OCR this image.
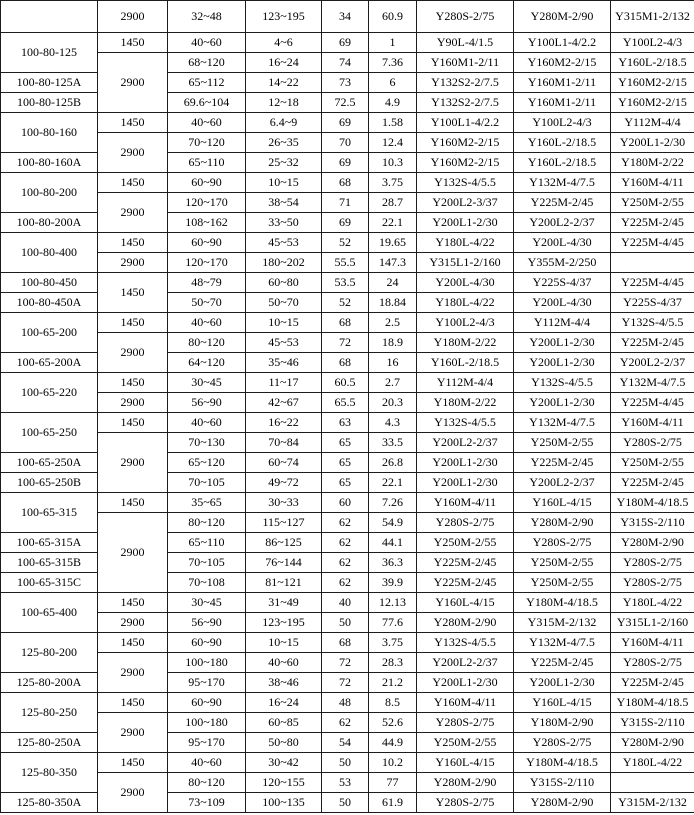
	2900	32~48	123~195	34	60.9	Y280S-2/75	Y280M-2/90	Y315M1-2/132
100-80-125	1450	40~60	4~6	69	1	Y90L-4/1.5	Y100L1-4/2.2	Y100L2-4/3
	2900	68~120	16~24	74	7.36	Y160M1-2/11	Y160M2-2/15	Y160L-2/18.5
100-80-125A		65~112	14~22	73	6	Y132S2-2/7.5	Y160M1-2/11	Y160M2-2/15
100-80-125B		69.6~104	12~18	72.5	4.9	Y132S2-2/7.5	Y160M1-2/11	Y160M2-2/15
100-80-160	1450	40~60	6.4~9	69	1.58	Y100L1-4/2.2	Y100L2-4/3	Y112M-4/4
	2900	70~120	26~35	70	12.4	Y160M2-2/15	Y160L-2/18.5	Y200L1-2/30
100-80-160A		65~110	25~32	69	10.3	Y160M2-2/15	Y160L-2/18.5	Y180M-2/22
100-80-200	1450	60~90	10~15	68	3.75	Y132S-4/5.5	Y132M-4/7.5	Y160M-4/11
	2900	120~170	38~54	71	28.7	Y200L2-3/37	Y225M-2/45	Y250M-2/55
100-80-200A		108~162	33~50	69	22.1	Y200L1-2/30	Y200L2-2/37	Y225M-2/45
100-80-400	1450	60~90	45~53	52	19.65	Y180L-4/22	Y200L-4/30	Y225M-4/45
	2900	120~170	180~202	55.5	147.3	Y315L1-2/160	Y355M-2/250	
100-80-450	1450	48~79	60~80	53.5	24	Y200L-4/30	Y225S-4/37	Y225M-4/45
100-80-450A		50~70	50~70	52	18.84	Y180L-4/22	Y200L-4/30	Y225S-4/37
100-65-200	1450	40~60	10~15	68	2.5	Y100L2-4/3	Y112M-4/4	Y132S-4/5.5
	2900	80~120	45~53	72	18.9	Y180M-2/22	Y200L1-2/30	Y225M-2/45
100-65-200A		64~120	35~46	68	16	Y160L-2/18.5	Y200L1-2/30	Y200L2-2/37
100-65-220	1450	30~45	11~17	60.5	2.7	Y112M-4/4	Y132S-4/5.5	Y132M-4/7.5
	2900	56~90	42~67	65.5	20.3	Y180M-2/22	Y200L1-2/30	Y225M-4/45
100-65-250	1450	40~60	16~22	63	4.3	Y132S-4/5.5	Y132M-4/7.5	Y160M-4/11
	2900	70~130	70~84	65	33.5	Y200L2-2/37	Y250M-2/55	Y280S-2/75
100-65-250A		65~120	60~74	65	26.8	Y200L1-2/30	Y225M-2/45	Y250M-2/55
100-65-250B		70~105	49~72	65	22.1	Y200L1-2/30	Y200L2-2/37	Y225M-2/45
100-65-315	1450	35~65	30~33	60	7.26	Y160M-4/11	Y160L-4/15	Y180M-4/18.5
	2900	80~120	115~127	62	54.9	Y280S-2/75	Y280M-2/90	Y315S-2/110
100-65-315A		65~110	86~125	62	44.1	Y250M-2/55	Y280S-2/75	Y280M-2/90
100-65-315B		70~105	76~144	62	36.3	Y225M-2/45	Y250M-2/55	Y280S-2/75
100-65-315C		70~108	81~121	62	39.9	Y225M-2/45	Y250M-2/55	Y280S-2/75
100-65-400	1450	30~45	31~49	40	12.13	Y160L-4/15	Y180M-4/18.5	Y180L-4/22
	2900	56~90	123~195	50	77.6	Y280M-2/90	Y315M-2/132	Y315L1-2/160
125-80-200	1450	60~90	10~15	68	3.75	Y132S-4/5.5	Y132M-4/7.5	Y160M-4/11
	2900	100~180	40~60	72	28.3	Y200L2-2/37	Y225M-2/45	Y280S-2/75
125-80-200A		95~170	38~46	72	21.2	Y200L1-2/30	Y200L1-2/30	Y225M-2/45
125-80-250	1450	60~90	16~24	48	8.5	Y160M-4/11	Y160L-4/15	Y180M-4/18.5
	2900	100~180	60~85	62	52.6	Y280S-2/75	Y180M-2/90	Y315S-2/110
125-80-250A		95~170	50~80	54	44.9	Y250M-2/55	Y280S-2/75	Y280M-2/90
125-80-350	1450	40~60	30~42	50	10.2	Y160L-4/15	Y180M-4/18.5	Y180L-4/22
	2900	80~120	120~155	53	77	Y280M-2/90	Y315S-2/110	
125-80-350A		73~109	100~135	50	61.9	Y280S-2/75	Y280M-2/90	Y315M-2/132
